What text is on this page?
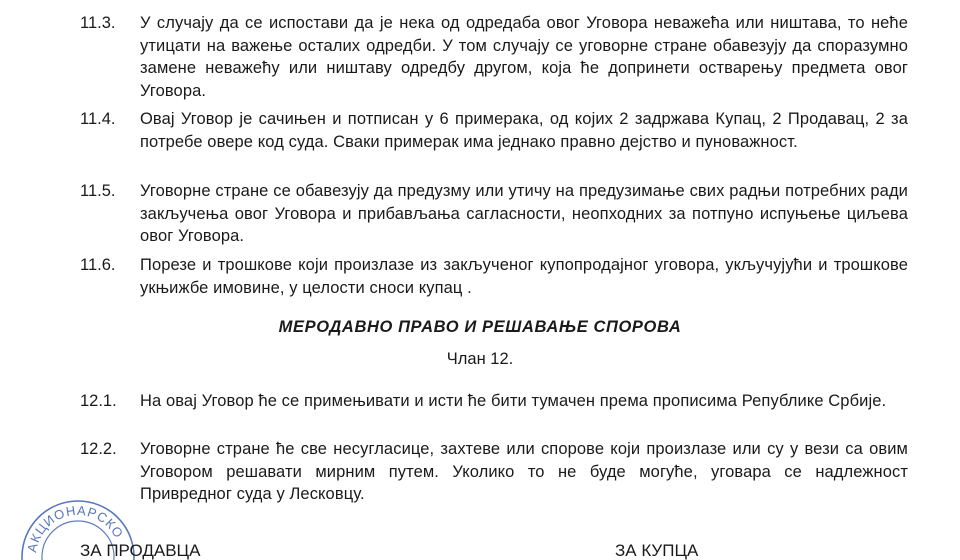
11.3. У случају да се испостави да је нека од одредаба овог Уговора неважећа или ништава, то неће утицати на важење осталих одредби. У том случају се уговорне стране обавезују да споразумно замене неважећу или ништаву одредбу другом, која ће допринети остварењу предмета овог Уговора.
11.4. Овај Уговор је сачињен и потписан у 6 примерака, од којих 2 задржава Купац, 2 Продавац, 2 за потребе овере код суда. Сваки примерак има једнако правно дејство и пуноважност.
11.5. Уговорне стране се обавезују да предузму или утичу на предузимање свих радњи потребних ради закључења овог Уговора и прибављања сагласности, неопходних за потпуно испуњење циљева овог Уговора.
11.6. Порезе и трошкове који произлазе из закљученог купопродајног уговора, укључујући и трошкове укњижбе имовине, у целости сноси купац .
МЕРОДАВНО ПРАВО И РЕШАВАЊЕ СПОРОВА
Члан 12.
12.1. На овај Уговор ће се примењивати и исти ће бити тумачен према прописима Републике Србије.
12.2. Уговорне стране ће све несугласице, захтеве или спорове који произлазе или су у вези са овим Уговором решавати мирним путем. Уколико то не буде могуће, уговара се надлежност Привредног суда у Лесковцу.
АКЦИОНАРСКО
ЗА ПРОДАВЦА	ЗА КУПЦА
